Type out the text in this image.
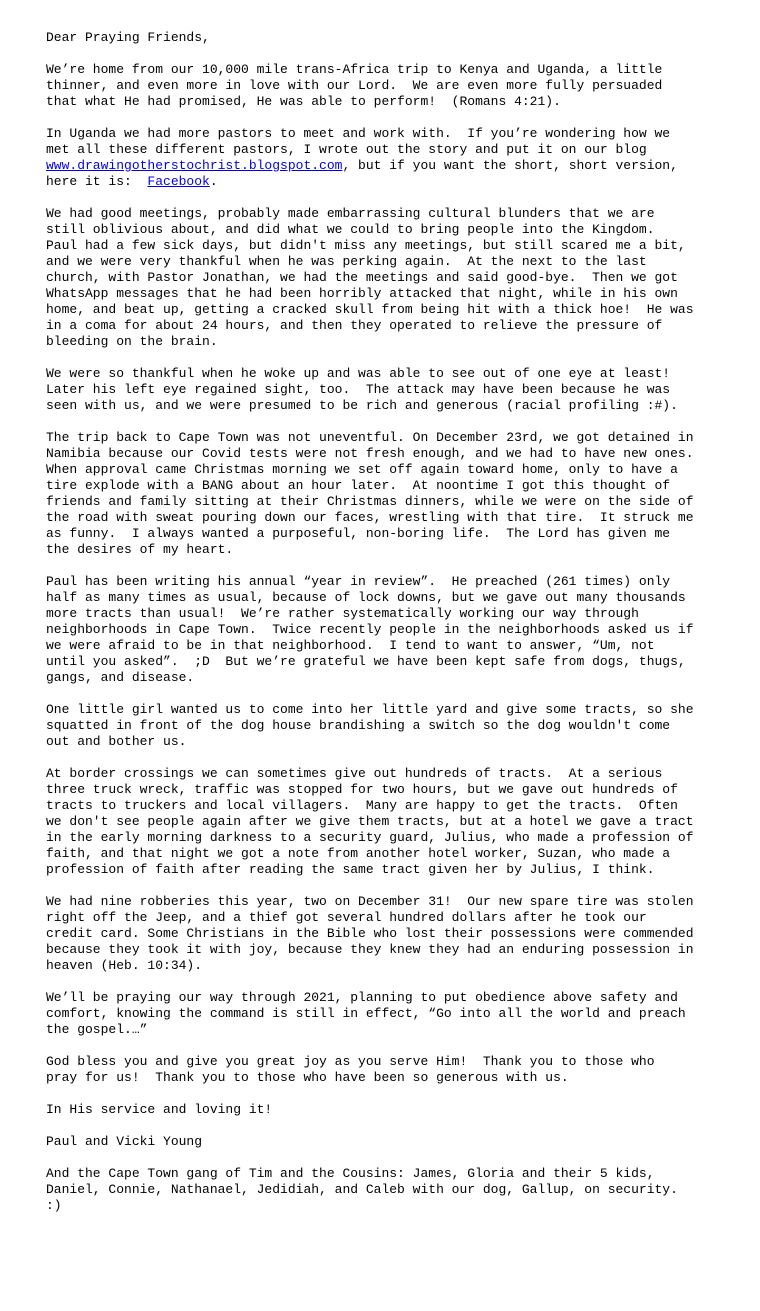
Dear Praying Friends,
We’re home from our 10,000 mile trans-Africa trip to Kenya and Uganda, a little
thinner, and even more in love with our Lord.  We are even more fully persuaded
that what He had promised, He was able to perform!  (Romans 4:21).
In Uganda we had more pastors to meet and work with.  If you’re wondering how we
met all these different pastors, I wrote out the story and put it on our blog
www.drawingotherstochrist.blogspot.com, but if you want the short, short version,
here it is:  Facebook.
We had good meetings, probably made embarrassing cultural blunders that we are
still oblivious about, and did what we could to bring people into the Kingdom.
Paul had a few sick days, but didn't miss any meetings, but still scared me a bit,
and we were very thankful when he was perking again.  At the next to the last
church, with Pastor Jonathan, we had the meetings and said good-bye.  Then we got
WhatsApp messages that he had been horribly attacked that night, while in his own
home, and beat up, getting a cracked skull from being hit with a thick hoe!  He was
in a coma for about 24 hours, and then they operated to relieve the pressure of
bleeding on the brain.
We were so thankful when he woke up and was able to see out of one eye at least!
Later his left eye regained sight, too.  The attack may have been because he was
seen with us, and we were presumed to be rich and generous (racial profiling :#).
The trip back to Cape Town was not uneventful. On December 23rd, we got detained in
Namibia because our Covid tests were not fresh enough, and we had to have new ones.
When approval came Christmas morning we set off again toward home, only to have a
tire explode with a BANG about an hour later.  At noontime I got this thought of
friends and family sitting at their Christmas dinners, while we were on the side of
the road with sweat pouring down our faces, wrestling with that tire.  It struck me
as funny.  I always wanted a purposeful, non-boring life.  The Lord has given me
the desires of my heart.
Paul has been writing his annual “year in review”.  He preached (261 times) only
half as many times as usual, because of lock downs, but we gave out many thousands
more tracts than usual!  We’re rather systematically working our way through
neighborhoods in Cape Town.  Twice recently people in the neighborhoods asked us if
we were afraid to be in that neighborhood.  I tend to want to answer, “Um, not
until you asked”.  ;D  But we’re grateful we have been kept safe from dogs, thugs,
gangs, and disease.
One little girl wanted us to come into her little yard and give some tracts, so she
squatted in front of the dog house brandishing a switch so the dog wouldn't come
out and bother us.
At border crossings we can sometimes give out hundreds of tracts.  At a serious
three truck wreck, traffic was stopped for two hours, but we gave out hundreds of
tracts to truckers and local villagers.  Many are happy to get the tracts.  Often
we don't see people again after we give them tracts, but at a hotel we gave a tract
in the early morning darkness to a security guard, Julius, who made a profession of
faith, and that night we got a note from another hotel worker, Suzan, who made a
profession of faith after reading the same tract given her by Julius, I think.
We had nine robberies this year, two on December 31!  Our new spare tire was stolen
right off the Jeep, and a thief got several hundred dollars after he took our
credit card. Some Christians in the Bible who lost their possessions were commended
because they took it with joy, because they knew they had an enduring possession in
heaven (Heb. 10:34).
We’ll be praying our way through 2021, planning to put obedience above safety and
comfort, knowing the command is still in effect, “Go into all the world and preach
the gospel.…”
God bless you and give you great joy as you serve Him!  Thank you to those who
pray for us!  Thank you to those who have been so generous with us.
In His service and loving it!
Paul and Vicki Young
And the Cape Town gang of Tim and the Cousins: James, Gloria and their 5 kids,
Daniel, Connie, Nathanael, Jedidiah, and Caleb with our dog, Gallup, on security.
:)
